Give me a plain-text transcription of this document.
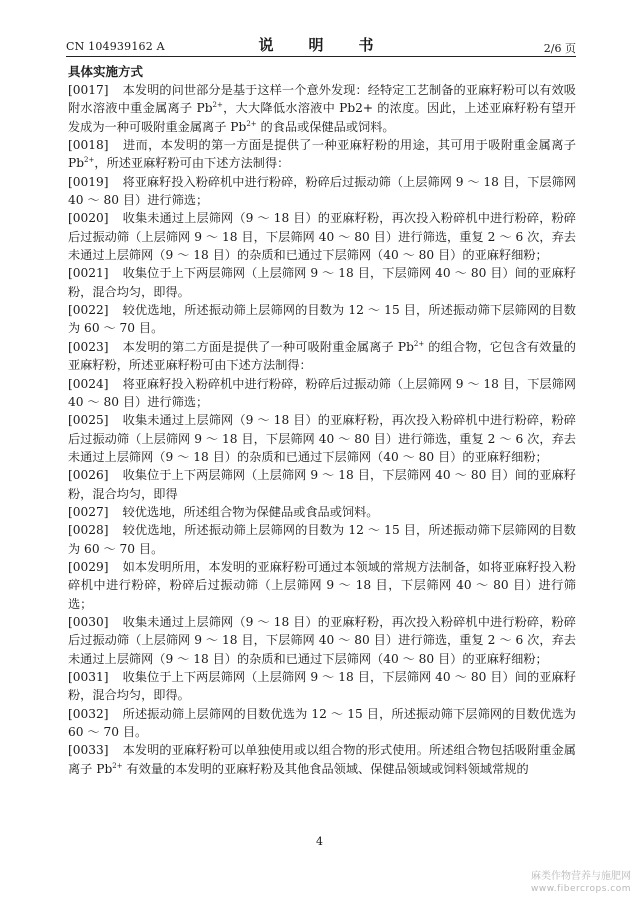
CN 104939162 A	说　明　书	2/6 页
具体实施方式
[0017] 本发明的问世部分是基于这样一个意外发现：经特定工艺制备的亚麻籽粉可以有效吸附水溶液中重金属离子 $Pb^{2+}$，大大降低水溶液中 Pb2+ 的浓度。因此，上述亚麻籽粉有望开发成为一种可吸附重金属离子 $Pb^{2+}$ 的食品或保健品或饲料。
[0018] 进而，本发明的第一方面是提供了一种亚麻籽粉的用途，其可用于吸附重金属离子 $Pb^{2+}$，所述亚麻籽粉可由下述方法制得：
[0019] 将亚麻籽投入粉碎机中进行粉碎，粉碎后过振动筛（上层筛网 9 ～ 18 目，下层筛网 40 ～ 80 目）进行筛选；
[0020] 收集未通过上层筛网（9 ～ 18 目）的亚麻籽粉，再次投入粉碎机中进行粉碎，粉碎后过振动筛（上层筛网 9 ～ 18 目，下层筛网 40 ～ 80 目）进行筛选，重复 2 ～ 6 次，弃去未通过上层筛网（9 ～ 18 目）的杂质和已通过下层筛网（40 ～ 80 目）的亚麻籽细粉；
[0021] 收集位于上下两层筛网（上层筛网 9 ～ 18 目，下层筛网 40 ～ 80 目）间的亚麻籽粉，混合均匀，即得。
[0022] 较优选地，所述振动筛上层筛网的目数为 12 ～ 15 目，所述振动筛下层筛网的目数为 60 ～ 70 目。
[0023] 本发明的第二方面是提供了一种可吸附重金属离子 $Pb^{2+}$ 的组合物，它包含有效量的亚麻籽粉，所述亚麻籽粉可由下述方法制得：
[0024] 将亚麻籽投入粉碎机中进行粉碎，粉碎后过振动筛（上层筛网 9 ～ 18 目，下层筛网 40 ～ 80 目）进行筛选；
[0025] 收集未通过上层筛网（9 ～ 18 目）的亚麻籽粉，再次投入粉碎机中进行粉碎，粉碎后过振动筛（上层筛网 9 ～ 18 目，下层筛网 40 ～ 80 目）进行筛选，重复 2 ～ 6 次，弃去未通过上层筛网（9 ～ 18 目）的杂质和已通过下层筛网（40 ～ 80 目）的亚麻籽细粉；
[0026] 收集位于上下两层筛网（上层筛网 9 ～ 18 目，下层筛网 40 ～ 80 目）间的亚麻籽粉，混合均匀，即得
[0027] 较优选地，所述组合物为保健品或食品或饲料。
[0028] 较优选地，所述振动筛上层筛网的目数为 12 ～ 15 目，所述振动筛下层筛网的目数为 60 ～ 70 目。
[0029] 如本发明所用，本发明的亚麻籽粉可通过本领域的常规方法制备，如将亚麻籽投入粉碎机中进行粉碎，粉碎后过振动筛（上层筛网 9 ～ 18 目，下层筛网 40 ～ 80 目）进行筛选；
[0030] 收集未通过上层筛网（9 ～ 18 目）的亚麻籽粉，再次投入粉碎机中进行粉碎，粉碎后过振动筛（上层筛网 9 ～ 18 目，下层筛网 40 ～ 80 目）进行筛选，重复 2 ～ 6 次，弃去未通过上层筛网（9 ～ 18 目）的杂质和已通过下层筛网（40 ～ 80 目）的亚麻籽细粉；
[0031] 收集位于上下两层筛网（上层筛网 9 ～ 18 目，下层筛网 40 ～ 80 目）间的亚麻籽粉，混合均匀，即得。
[0032] 所述振动筛上层筛网的目数优选为 12 ～ 15 目，所述振动筛下层筛网的目数优选为 60 ～ 70 目。
[0033] 本发明的亚麻籽粉可以单独使用或以组合物的形式使用。所述组合物包括吸附重金属离子 $Pb^{2+}$ 有效量的本发明的亚麻籽粉及其他食品领域、保健品领域或饲料领域常规的
4
麻类作物营养与施肥网
www.fibercrops.com
